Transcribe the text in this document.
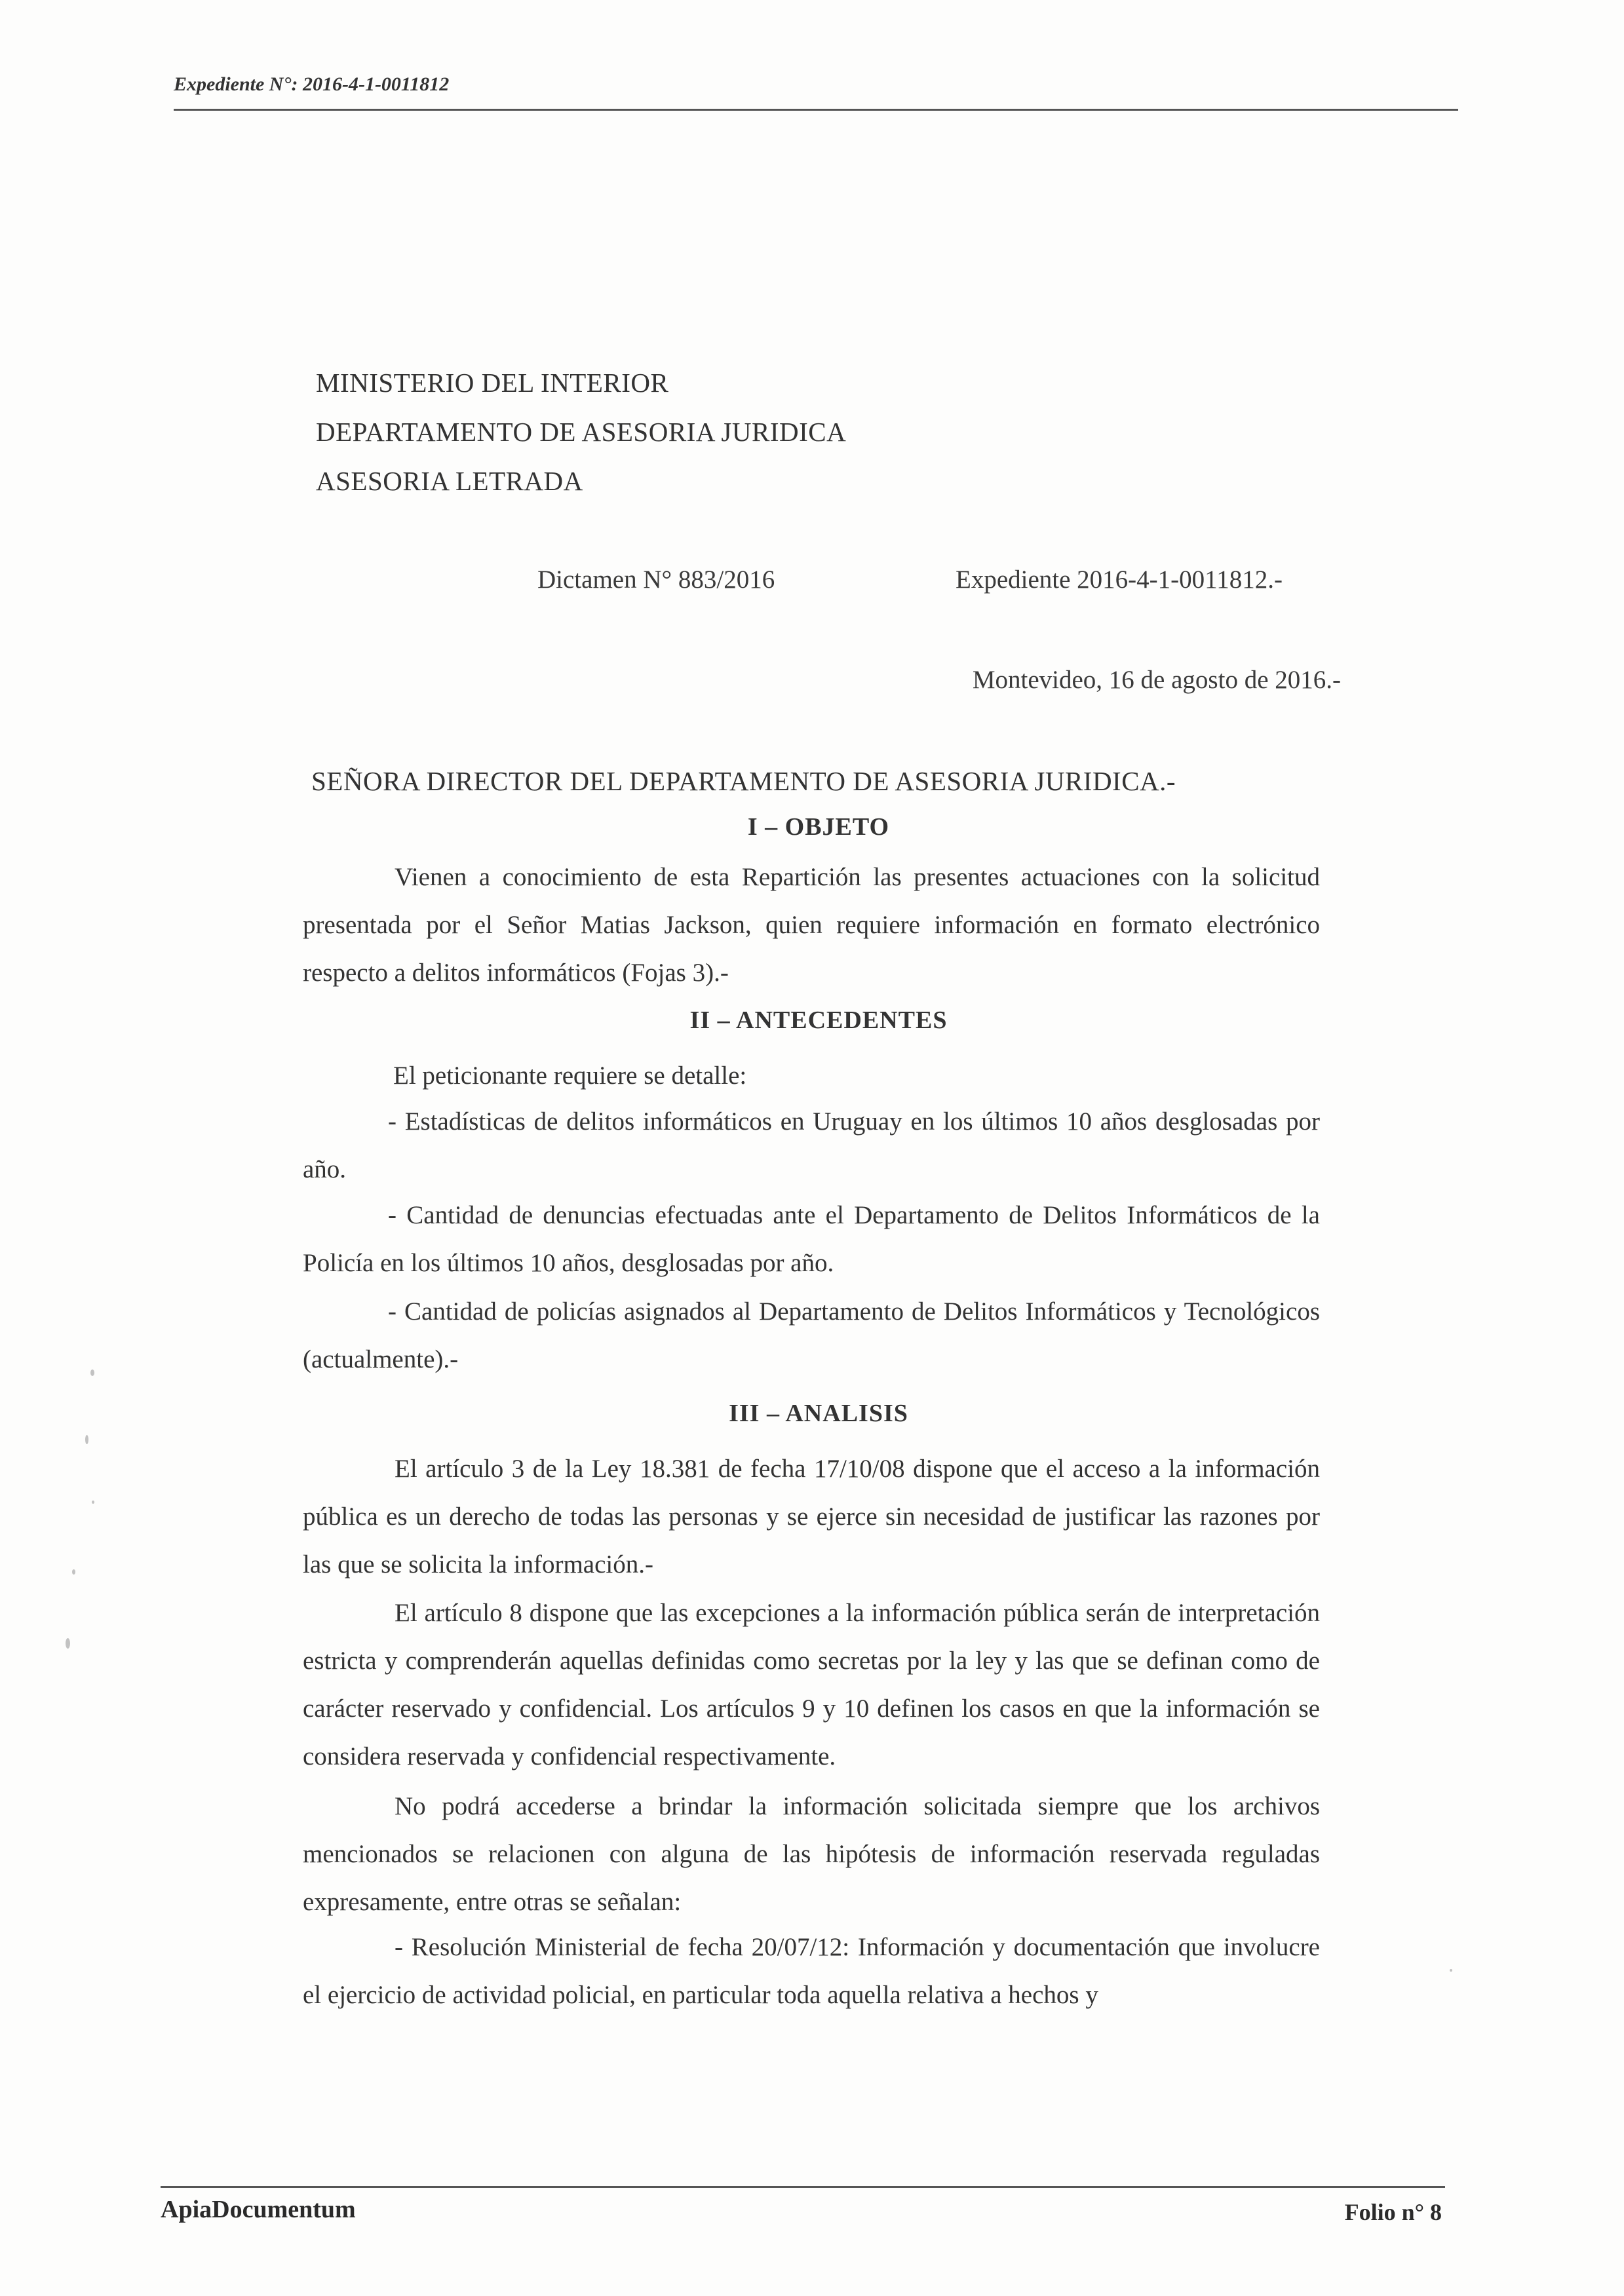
Expediente N°: 2016-4-1-0011812
MINISTERIO DEL INTERIOR
DEPARTAMENTO DE ASESORIA JURIDICA
ASESORIA LETRADA
Dictamen N° 883/2016	Expediente 2016-4-1-0011812.-
Montevideo, 16 de agosto de 2016.-
SEÑORA DIRECTOR DEL DEPARTAMENTO DE ASESORIA JURIDICA.-
I – OBJETO
Vienen a conocimiento de esta Repartición las presentes actuaciones con la solicitud presentada por el Señor Matias Jackson, quien requiere información en formato electrónico respecto a delitos informáticos (Fojas 3).-
II – ANTECEDENTES
El peticionante requiere se detalle:
- Estadísticas de delitos informáticos en Uruguay en los últimos 10 años desglosadas por año.
- Cantidad de denuncias efectuadas ante el Departamento de Delitos Informáticos de la Policía en los últimos 10 años, desglosadas por año.
- Cantidad de policías asignados al Departamento de Delitos Informáticos y Tecnológicos (actualmente).-
III – ANALISIS
El artículo 3 de la Ley 18.381 de fecha 17/10/08 dispone que el acceso a la información pública es un derecho de todas las personas y se ejerce sin necesidad de justificar las razones por las que se solicita la información.-
El artículo 8 dispone que las excepciones a la información pública serán de interpretación estricta y comprenderán aquellas definidas como secretas por la ley y las que se definan como de carácter reservado y confidencial. Los artículos 9 y 10 definen los casos en que la información se considera reservada y confidencial respectivamente.
No podrá accederse a brindar la información solicitada siempre que los archivos mencionados se relacionen con alguna de las hipótesis de información reservada reguladas expresamente, entre otras se señalan:
- Resolución Ministerial de fecha 20/07/12: Información y documentación que involucre el ejercicio de actividad policial, en particular toda aquella relativa a hechos y
ApiaDocumentum	Folio n° 8
